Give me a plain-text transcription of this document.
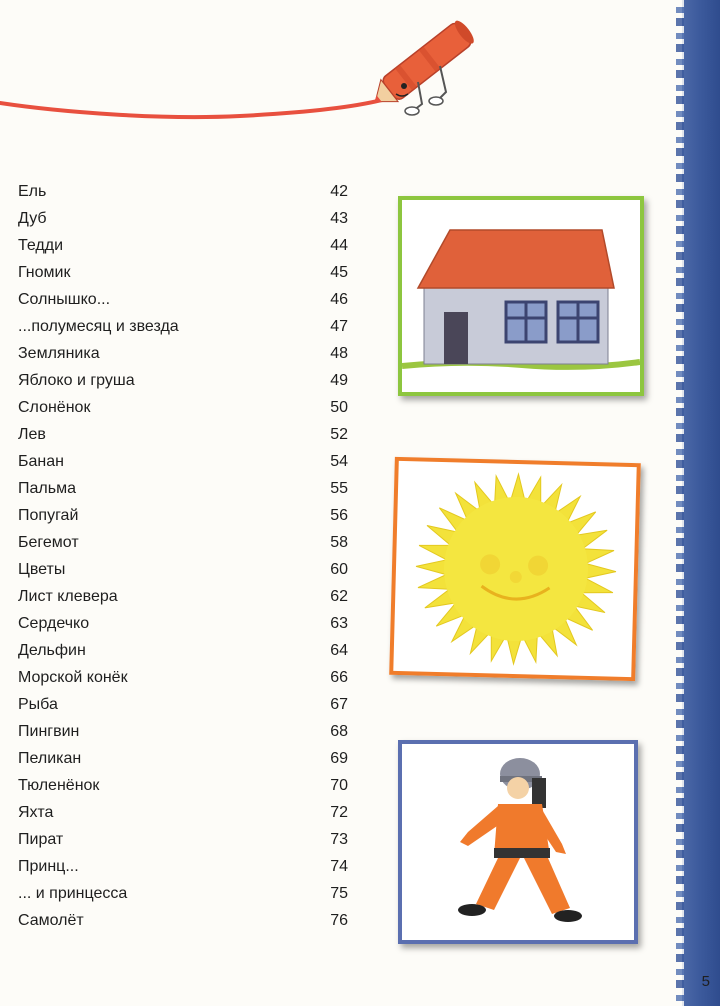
Ель	42
Дуб	43
Тедди	44
Гномик	45
Солнышко...	46
...полумесяц и звезда	47
Земляника	48
Яблоко и груша	49
Слонёнок	50
Лев	52
Банан	54
Пальма	55
Попугай	56
Бегемот	58
Цветы	60
Лист клевера	62
Сердечко	63
Дельфин	64
Морской конёк	66
Рыба	67
Пингвин	68
Пеликан	69
Тюленёнок	70
Яхта	72
Пират	73
Принц...	74
... и принцесса	75
Самолёт	76
5
